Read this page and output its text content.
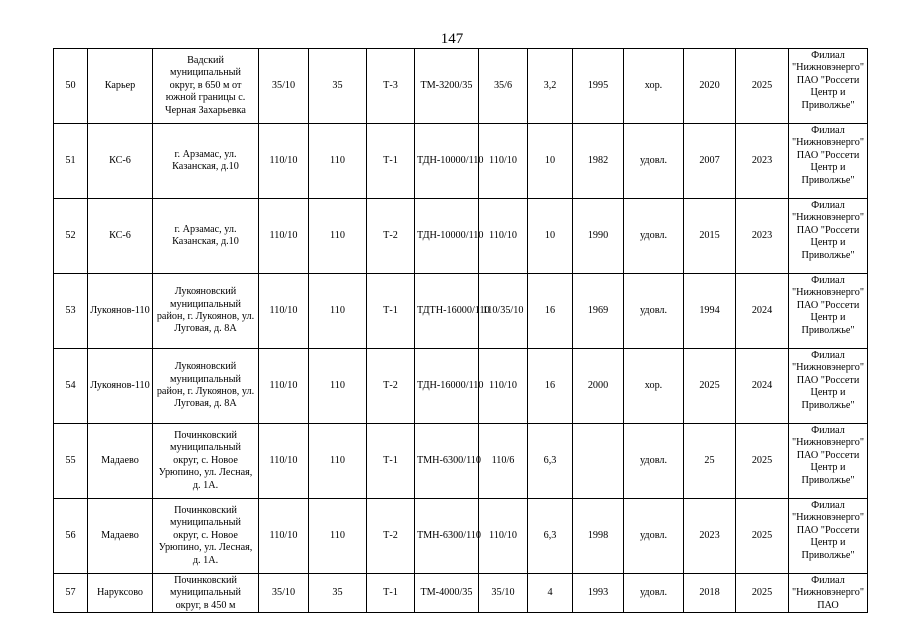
147
50	Карьер	Вадский муниципальный округ, в 650 м от южной границы с. Черная Захарьевка	35/10	35	Т-3	ТМ-3200/35	35/6	3,2	1995	хор.	2020	2025	Филиал "Нижновэнерго" ПАО "Россети Центр и Приволжье"
51	КС-6	г. Арзамас, ул. Казанская, д.10	110/10	110	Т-1	ТДН-10000/110	110/10	10	1982	удовл.	2007	2023	Филиал "Нижновэнерго" ПАО "Россети Центр и Приволжье"
52	КС-6	г. Арзамас, ул. Казанская, д.10	110/10	110	Т-2	ТДН-10000/110	110/10	10	1990	удовл.	2015	2023	Филиал "Нижновэнерго" ПАО "Россети Центр и Приволжье"
53	Лукоянов-110	Лукояновский муниципальный район, г. Лукоянов, ул. Луговая, д. 8А	110/10	110	Т-1	ТДТН-16000/110	110/35/10	16	1969	удовл.	1994	2024	Филиал "Нижновэнерго" ПАО "Россети Центр и Приволжье"
54	Лукоянов-110	Лукояновский муниципальный район, г. Лукоянов, ул. Луговая, д. 8А	110/10	110	Т-2	ТДН-16000/110	110/10	16	2000	хор.	2025	2024	Филиал "Нижновэнерго" ПАО "Россети Центр и Приволжье"
55	Мадаево	Починковский муниципальный округ, с. Новое Урюпино, ул. Лесная, д. 1А.	110/10	110	Т-1	ТМН-6300/110	110/6	6,3		удовл.	25	2025	Филиал "Нижновэнерго" ПАО "Россети Центр и Приволжье"
56	Мадаево	Починковский муниципальный округ, с. Новое Урюпино, ул. Лесная, д. 1А.	110/10	110	Т-2	ТМН-6300/110	110/10	6,3	1998	удовл.	2023	2025	Филиал "Нижновэнерго" ПАО "Россети Центр и Приволжье"
57	Наруксово	Починковский муниципальный округ, в 450 м	35/10	35	Т-1	ТМ-4000/35	35/10	4	1993	удовл.	2018	2025	Филиал "Нижновэнерго" ПАО
